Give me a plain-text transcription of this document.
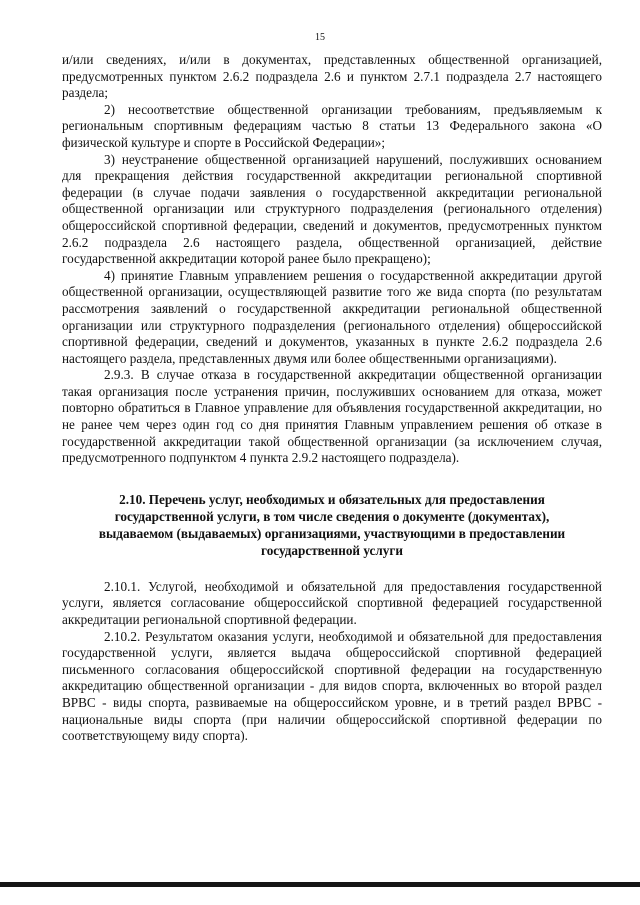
15

и/или сведениях, и/или в документах, представленных общественной организацией, предусмотренных пунктом 2.6.2 подраздела 2.6 и пунктом 2.7.1 подраздела 2.7 настоящего раздела;

2) несоответствие общественной организации требованиям, предъявляемым к региональным спортивным федерациям частью 8 статьи 13 Федерального закона «О физической культуре и спорте в Российской Федерации»;

3) неустранение общественной организацией нарушений, послуживших основанием для прекращения действия государственной аккредитации региональной спортивной федерации (в случае подачи заявления о государственной аккредитации региональной общественной организации или структурного подразделения (регионального отделения) общероссийской спортивной федерации, сведений и документов, предусмотренных пунктом 2.6.2 подраздела 2.6 настоящего раздела, общественной организацией, действие государственной аккредитации которой ранее было прекращено);

4) принятие Главным управлением решения о государственной аккредитации другой общественной организации, осуществляющей развитие того же вида спорта (по результатам рассмотрения заявлений о государственной аккредитации региональной общественной организации или структурного подразделения (регионального отделения) общероссийской спортивной федерации, сведений и документов, указанных в пункте 2.6.2 подраздела 2.6 настоящего раздела, представленных двумя или более общественными организациями).

2.9.3. В случае отказа в государственной аккредитации общественной организации такая организация после устранения причин, послуживших основанием для отказа, может повторно обратиться в Главное управление для объявления государственной аккредитации, но не ранее чем через один год со дня принятия Главным управлением решения об отказе в государственной аккредитации такой общественной организации (за исключением случая, предусмотренного подпунктом 4 пункта 2.9.2 настоящего подраздела).

2.10. Перечень услуг, необходимых и обязательных для предоставления государственной услуги, в том числе сведения о документе (документах), выдаваемом (выдаваемых) организациями, участвующими в предоставлении государственной услуги

2.10.1. Услугой, необходимой и обязательной для предоставления государственной услуги, является согласование общероссийской спортивной федерацией государственной аккредитации региональной спортивной федерации.

2.10.2. Результатом оказания услуги, необходимой и обязательной для предоставления государственной услуги, является выдача общероссийской спортивной федерацией письменного согласования общероссийской спортивной федерации на государственную аккредитацию общественной организации - для видов спорта, включенных во второй раздел ВРВС - виды спорта, развиваемые на общероссийском уровне, и в третий раздел ВРВС - национальные виды спорта (при наличии общероссийской спортивной федерации по соответствующему виду спорта).
